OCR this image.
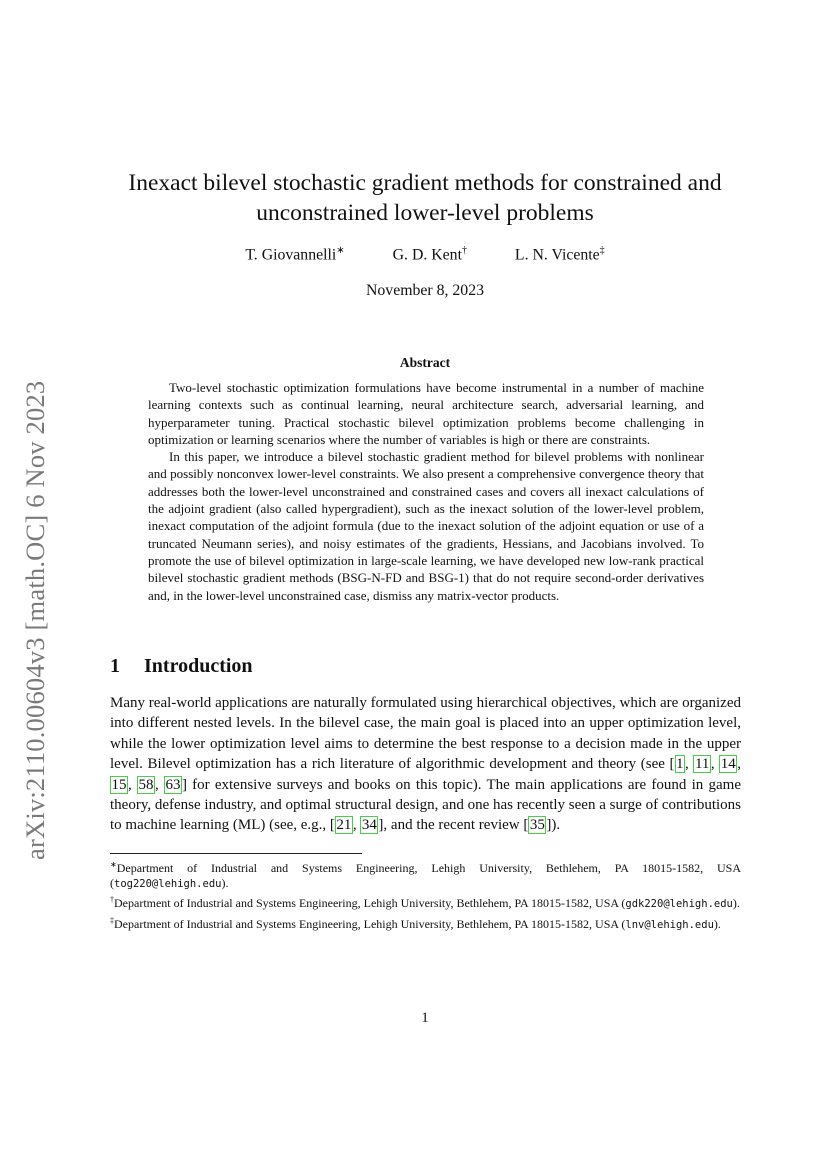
arXiv:2110.00604v3 [math.OC] 6 Nov 2023
Inexact bilevel stochastic gradient methods for constrained and
unconstrained lower-level problems
T. Giovannelli∗	G. D. Kent†	L. N. Vicente‡
November 8, 2023
Abstract

Two-level stochastic optimization formulations have become instrumental in a number of machine learning contexts such as continual learning, neural architecture search, adversarial learning, and hyperparameter tuning. Practical stochastic bilevel optimization problems become challenging in optimization or learning scenarios where the number of variables is high or there are constraints.

In this paper, we introduce a bilevel stochastic gradient method for bilevel problems with nonlinear and possibly nonconvex lower-level constraints. We also present a comprehensive convergence theory that addresses both the lower-level unconstrained and constrained cases and covers all inexact calculations of the adjoint gradient (also called hypergradient), such as the inexact solution of the lower-level problem, inexact computation of the adjoint formula (due to the inexact solution of the adjoint equation or use of a truncated Neumann series), and noisy estimates of the gradients, Hessians, and Jacobians involved. To promote the use of bilevel optimization in large-scale learning, we have developed new low-rank practical bilevel stochastic gradient methods (BSG-N-FD and BSG-1) that do not require second-order derivatives and, in the lower-level unconstrained case, dismiss any matrix-vector products.

1 Introduction

Many real-world applications are naturally formulated using hierarchical objectives, which are organized into different nested levels. In the bilevel case, the main goal is placed into an upper optimization level, while the lower optimization level aims to determine the best response to a decision made in the upper level. Bilevel optimization has a rich literature of algorithmic development and theory (see [ 1 , 11 , 14 , 15 , 58 , 63 ] for extensive surveys and books on this topic). The main applications are found in game theory, defense industry, and optimal structural design, and one has recently seen a surge of contributions to machine learning (ML) (see, e.g., [ 21 , 34 ], and the recent review [ 35 ]).

∗Department of Industrial and Systems Engineering, Lehigh University, Bethlehem, PA 18015-1582, USA (tog220@lehigh.edu).

†Department of Industrial and Systems Engineering, Lehigh University, Bethlehem, PA 18015-1582, USA (gdk220@lehigh.edu).

‡Department of Industrial and Systems Engineering, Lehigh University, Bethlehem, PA 18015-1582, USA (lnv@lehigh.edu).

1
